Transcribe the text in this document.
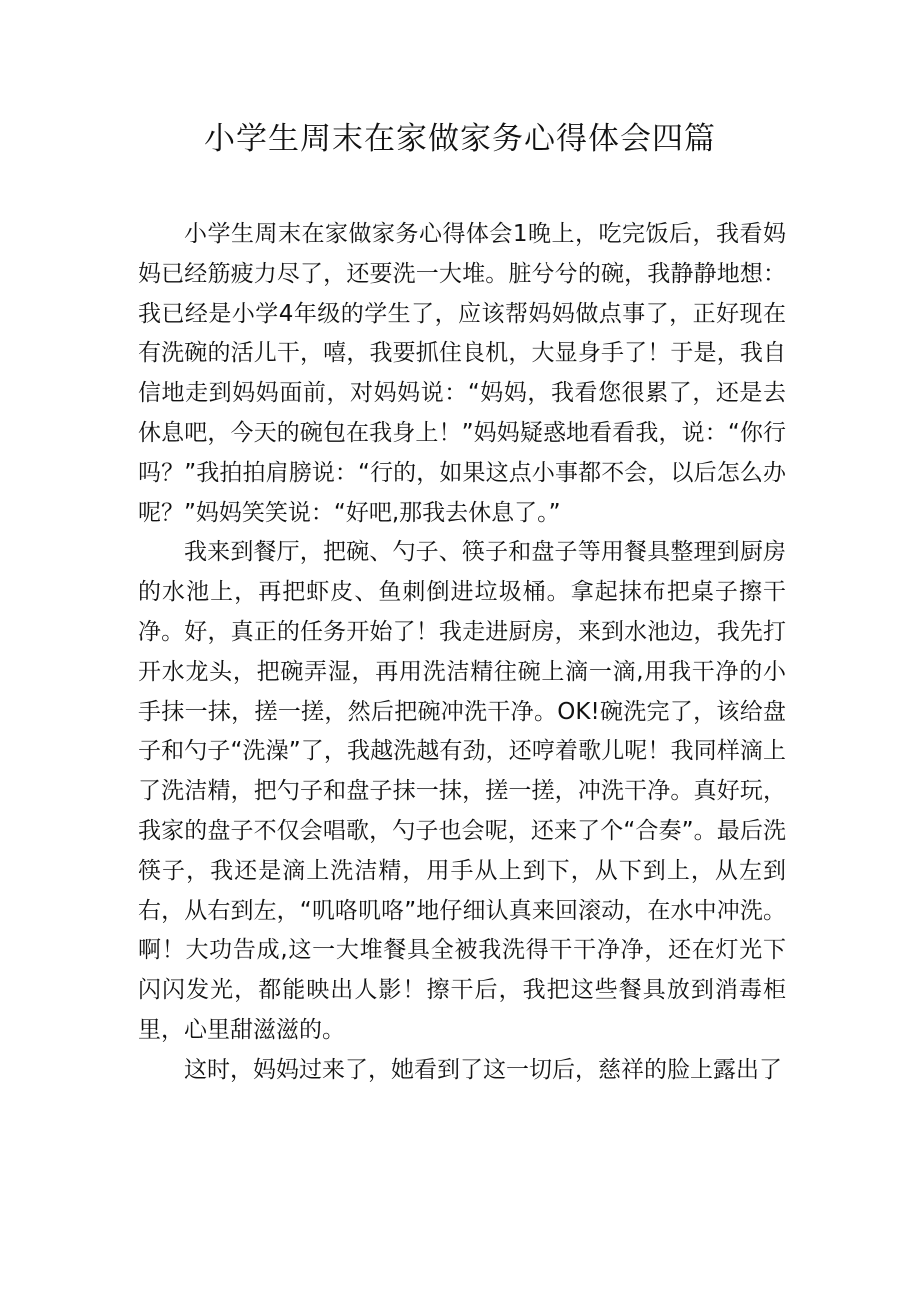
小学生周末在家做家务心得体会四篇

小学生周末在家做家务心得体会1晚上，吃完饭后，我看妈妈已经筋疲力尽了，还要洗一大堆。脏兮兮的碗，我静静地想：我已经是小学4年级的学生了，应该帮妈妈做点事了，正好现在有洗碗的活儿干，嘻，我要抓住良机，大显身手了！于是，我自信地走到妈妈面前，对妈妈说：“妈妈，我看您很累了，还是去休息吧，今天的碗包在我身上！”妈妈疑惑地看看我，说：“你行吗？”我拍拍肩膀说：“行的，如果这点小事都不会，以后怎么办呢？”妈妈笑笑说：“好吧,那我去休息了。”

我来到餐厅，把碗、勺子、筷子和盘子等用餐具整理到厨房的水池上，再把虾皮、鱼刺倒进垃圾桶。拿起抹布把桌子擦干净。好，真正的任务开始了！我走进厨房，来到水池边，我先打开水龙头，把碗弄湿，再用洗洁精往碗上滴一滴,用我干净的小手抹一抹，搓一搓，然后把碗冲洗干净。OK!碗洗完了，该给盘子和勺子“洗澡”了，我越洗越有劲，还哼着歌儿呢！我同样滴上了洗洁精，把勺子和盘子抹一抹，搓一搓，冲洗干净。真好玩，我家的盘子不仅会唱歌，勺子也会呢，还来了个“合奏”。最后洗筷子，我还是滴上洗洁精，用手从上到下，从下到上，从左到右，从右到左，“叽咯叽咯”地仔细认真来回滚动，在水中冲洗。啊！大功告成,这一大堆餐具全被我洗得干干净净，还在灯光下闪闪发光，都能映出人影！擦干后，我把这些餐具放到消毒柜里，心里甜滋滋的。

这时，妈妈过来了，她看到了这一切后，慈祥的脸上露出了
